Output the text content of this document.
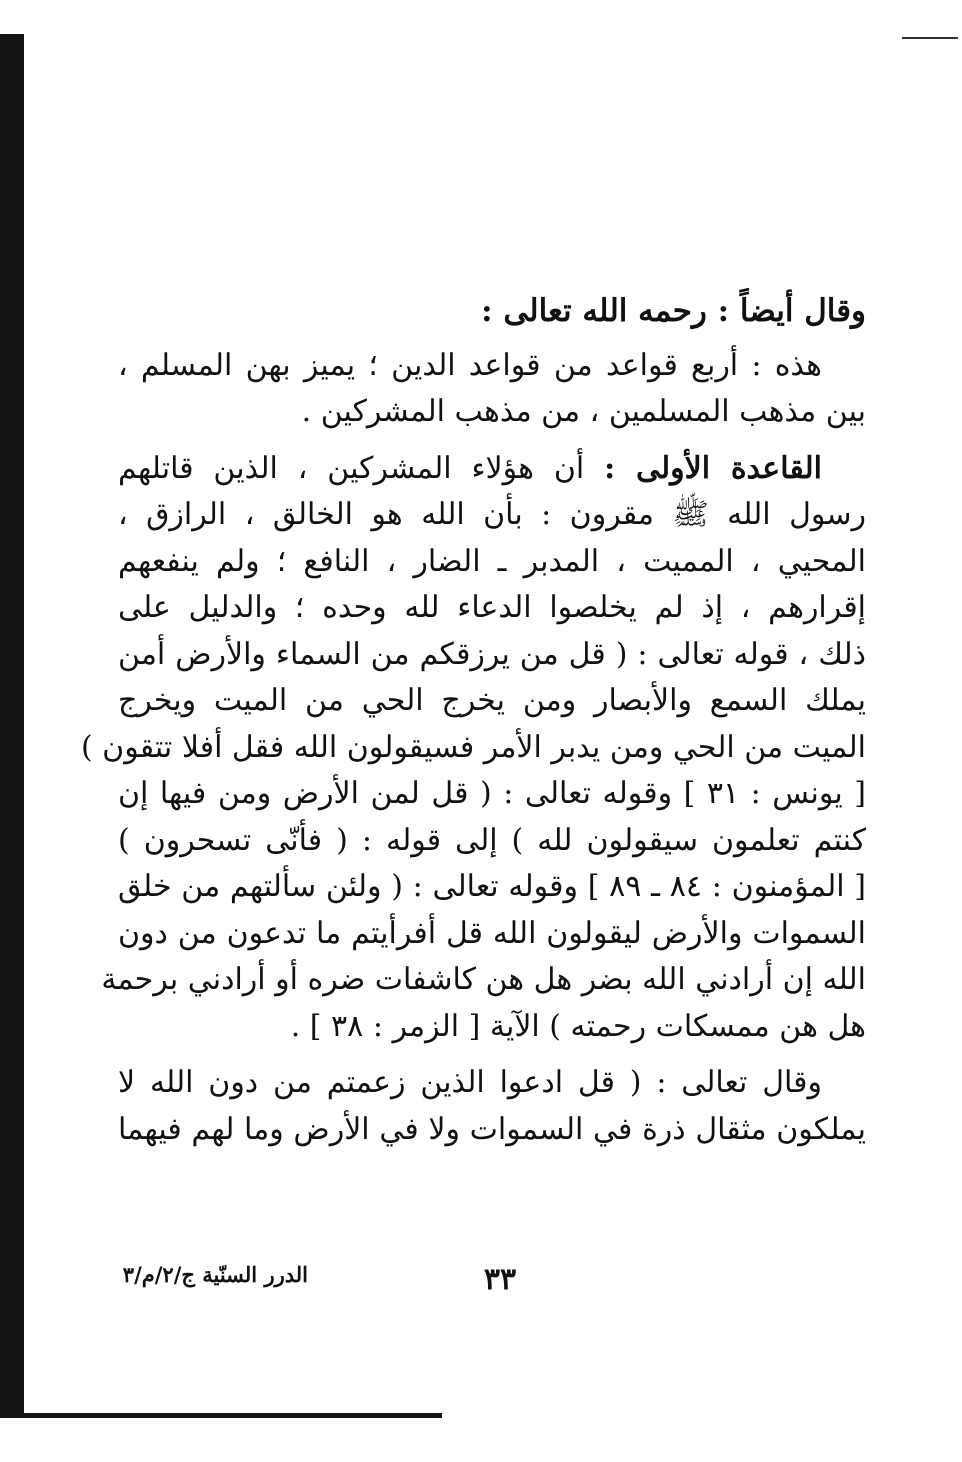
وقال أيضاً : رحمه الله تعالى :
هذه : أربع قواعد من قواعد الدين ؛ يميز بهن المسلم ،
بين مذهب المسلمين ، من مذهب المشركين .
القاعدة الأولى : أن هؤلاء المشركين ، الذين قاتلهم
رسول الله ﷺ مقرون : بأن الله هو الخالق ، الرازق ،
المحيي ، المميت ، المدبر ـ الضار ، النافع ؛ ولم ينفعهم
إقرارهم ، إذ لم يخلصوا الدعاء لله وحده ؛ والدليل على
ذلك ، قوله تعالى : ( قل من يرزقكم من السماء والأرض أمن
يملك السمع والأبصار ومن يخرج الحي من الميت ويخرج
الميت من الحي ومن يدبر الأمر فسيقولون الله فقل أفلا تتقون )
[ يونس : ٣١ ] وقوله تعالى : ( قل لمن الأرض ومن فيها إن
كنتم تعلمون سيقولون لله ) إلى قوله : ( فأنّى تسحرون )
[ المؤمنون : ٨٤ ـ ٨٩ ] وقوله تعالى : ( ولئن سألتهم من خلق
السموات والأرض ليقولون الله قل أفرأيتم ما تدعون من دون
الله إن أرادني الله بضر هل هن كاشفات ضره أو أرادني برحمة
هل هن ممسكات رحمته ) الآية [ الزمر : ٣٨ ] .
وقال تعالى : ( قل ادعوا الذين زعمتم من دون الله لا
يملكون مثقال ذرة في السموات ولا في الأرض وما لهم فيهما
٣٣
الدرر السنّية ج/٢/م/٣
